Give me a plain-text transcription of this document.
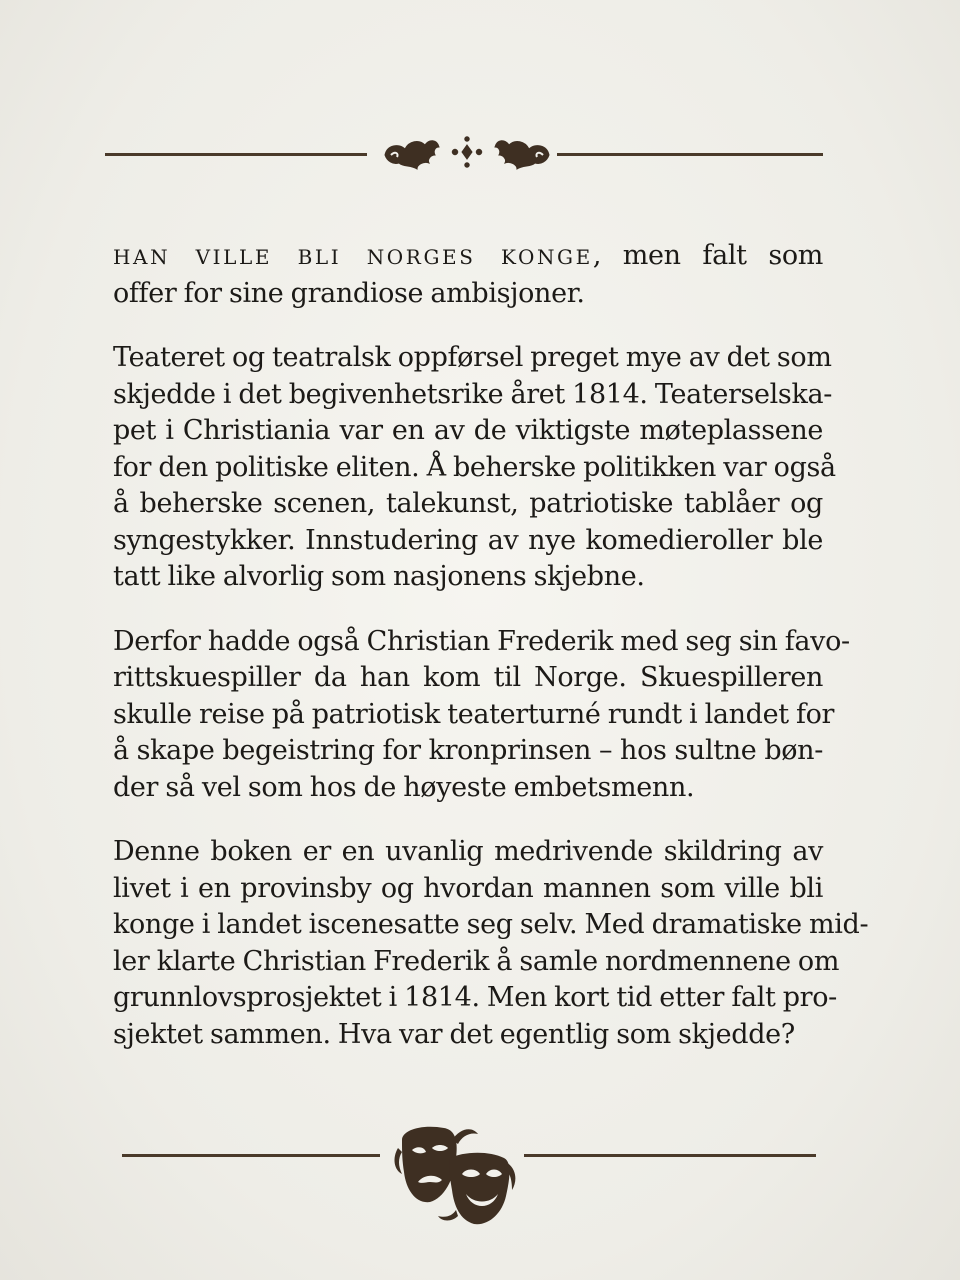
HAN VILLE BLI NORGES KONGE, men falt som
offer for sine grandiose ambisjoner.

Teateret og teatralsk oppførsel preget mye av det som
skjedde i det begivenhetsrike året 1814. Teaterselska-
pet i Christiania var en av de viktigste møteplassene
for den politiske eliten. Å beherske politikken var også
å beherske scenen, talekunst, patriotiske tablåer og
syngestykker. Innstudering av nye komedieroller ble
tatt like alvorlig som nasjonens skjebne.

Derfor hadde også Christian Frederik med seg sin favo-
rittskuespiller da han kom til Norge. Skuespilleren
skulle reise på patriotisk teaterturné rundt i landet for
å skape begeistring for kronprinsen – hos sultne bøn-
der så vel som hos de høyeste embetsmenn.

Denne boken er en uvanlig medrivende skildring av
livet i en provinsby og hvordan mannen som ville bli
konge i landet iscenesatte seg selv. Med dramatiske mid-
ler klarte Christian Frederik å samle nordmennene om
grunnlovsprosjektet i 1814. Men kort tid etter falt pro-
sjektet sammen. Hva var det egentlig som skjedde?
